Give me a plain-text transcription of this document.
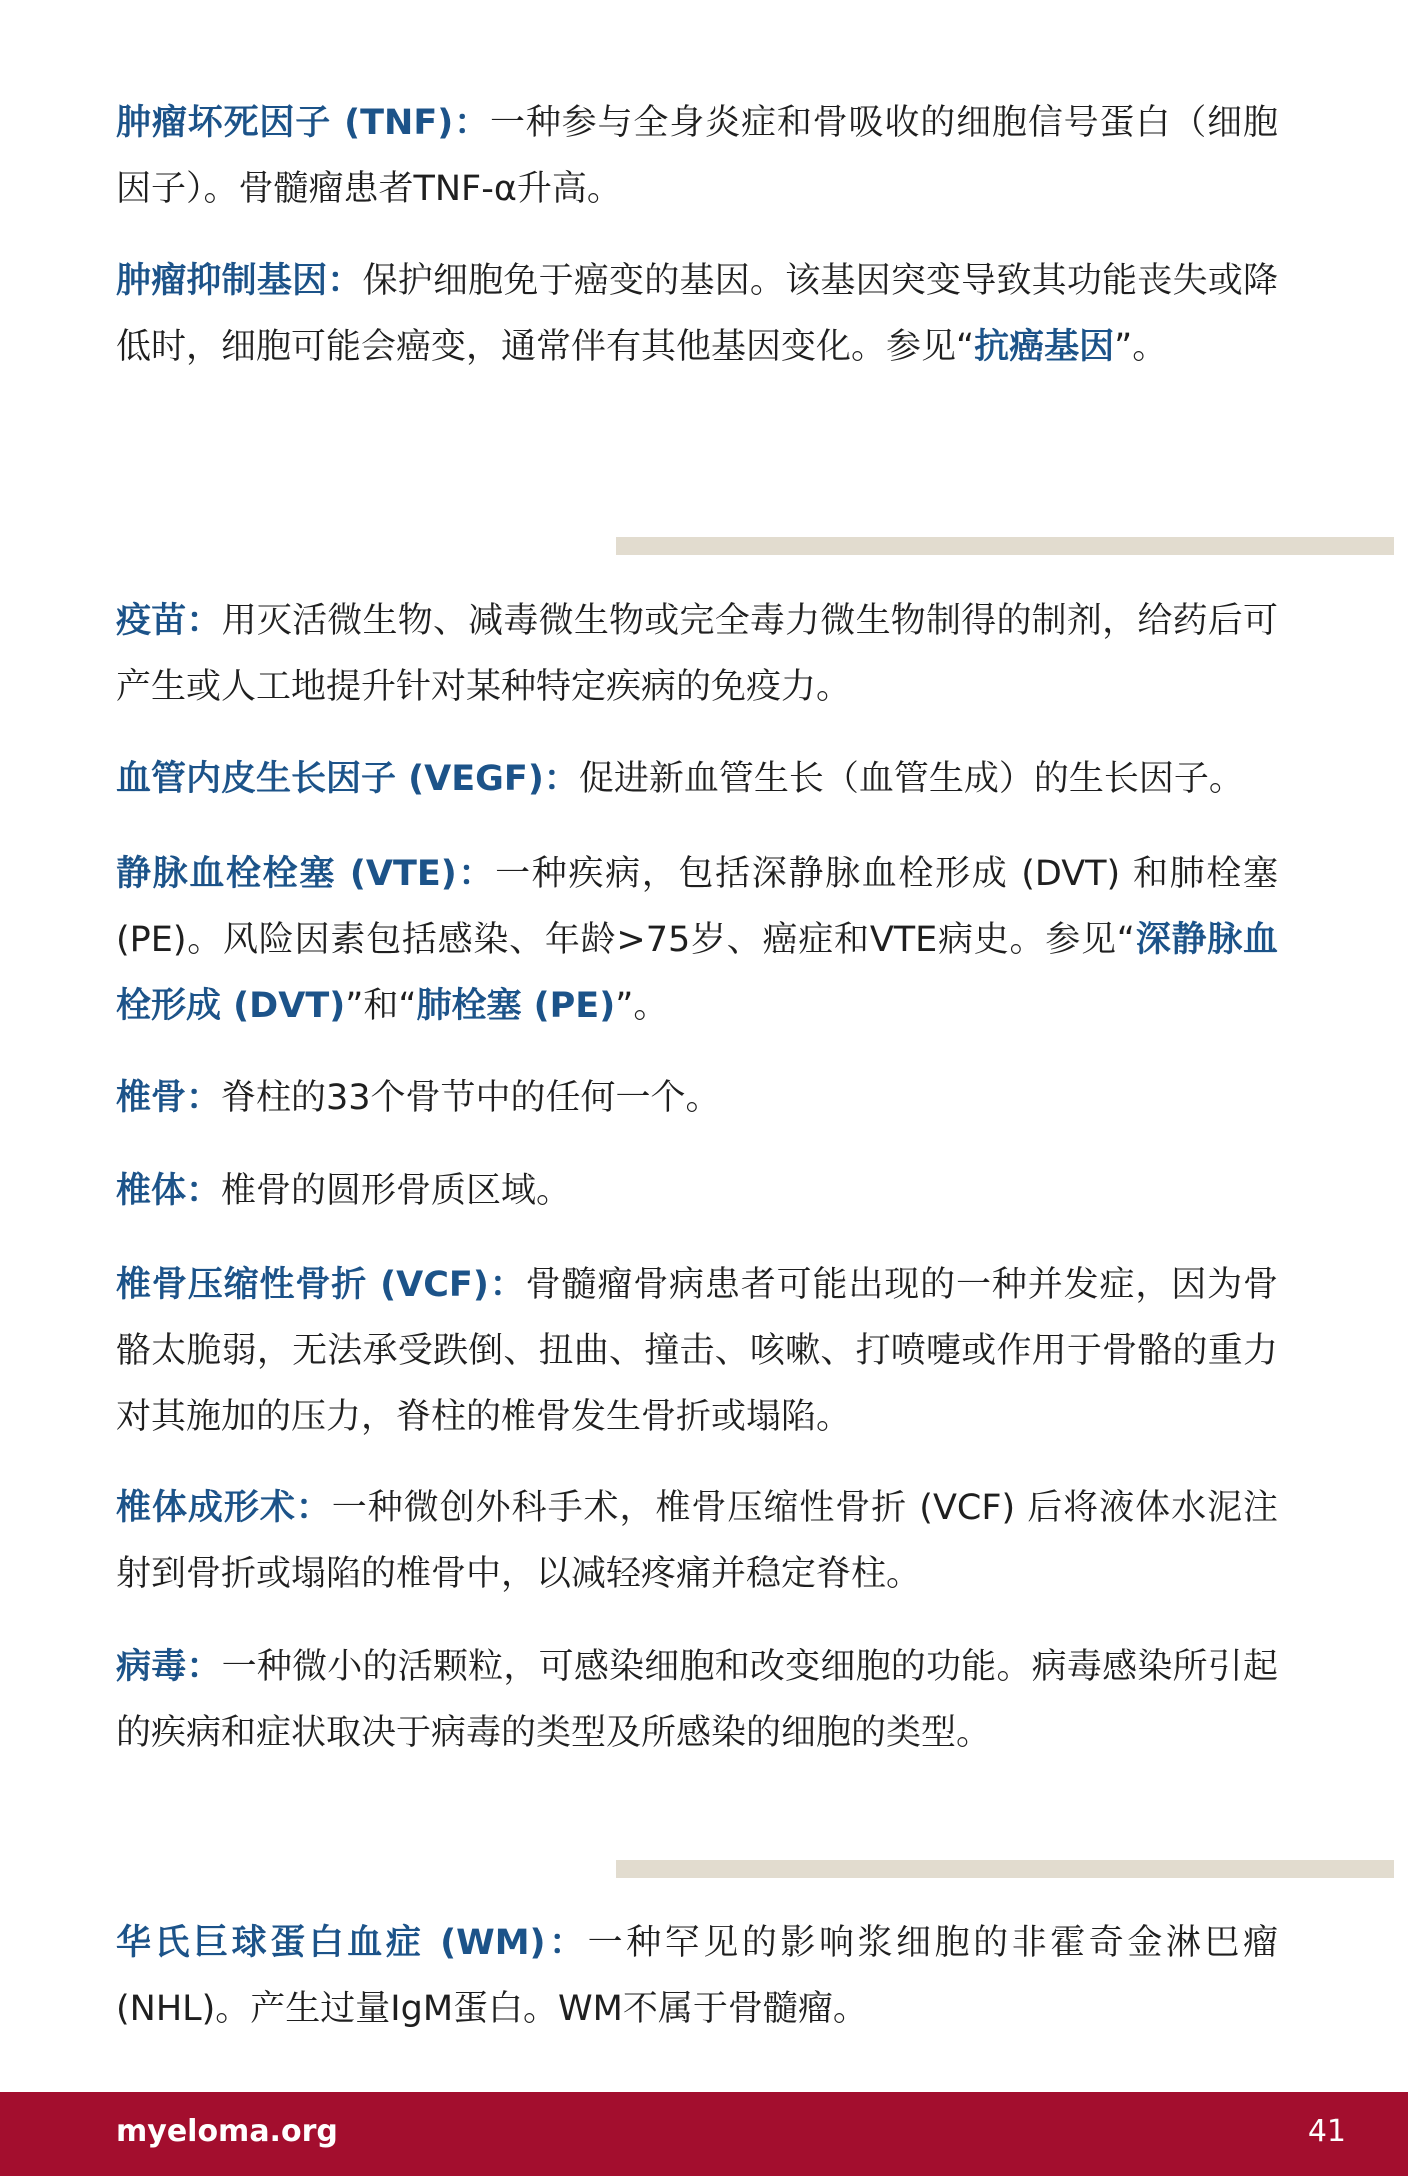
肿瘤坏死因子 (TNF)：一种参与全身炎症和骨吸收的细胞信号蛋白（细胞因子）。骨髓瘤患者TNF-α升高。

肿瘤抑制基因：保护细胞免于癌变的基因。该基因突变导致其功能丧失或降低时，细胞可能会癌变，通常伴有其他基因变化。参见“抗癌基因”。

疫苗：用灭活微生物、减毒微生物或完全毒力微生物制得的制剂，给药后可产生或人工地提升针对某种特定疾病的免疫力。

血管内皮生长因子 (VEGF)：促进新血管生长（血管生成）的生长因子。

静脉血栓栓塞 (VTE)：一种疾病，包括深静脉血栓形成 (DVT) 和肺栓塞 (PE)。风险因素包括感染、年龄>75岁、癌症和VTE病史。参见“深静脉血栓形成 (DVT)”和“肺栓塞 (PE)”。

椎骨：脊柱的33个骨节中的任何一个。

椎体：椎骨的圆形骨质区域。

椎骨压缩性骨折 (VCF)：骨髓瘤骨病患者可能出现的一种并发症，因为骨骼太脆弱，无法承受跌倒、扭曲、撞击、咳嗽、打喷嚏或作用于骨骼的重力对其施加的压力，脊柱的椎骨发生骨折或塌陷。

椎体成形术：一种微创外科手术，椎骨压缩性骨折 (VCF) 后将液体水泥注射到骨折或塌陷的椎骨中，以减轻疼痛并稳定脊柱。

病毒：一种微小的活颗粒，可感染细胞和改变细胞的功能。病毒感染所引起的疾病和症状取决于病毒的类型及所感染的细胞的类型。

华氏巨球蛋白血症 (WM)：一种罕见的影响浆细胞的非霍奇金淋巴瘤 (NHL)。产生过量IgM蛋白。WM不属于骨髓瘤。

myeloma.org	41
